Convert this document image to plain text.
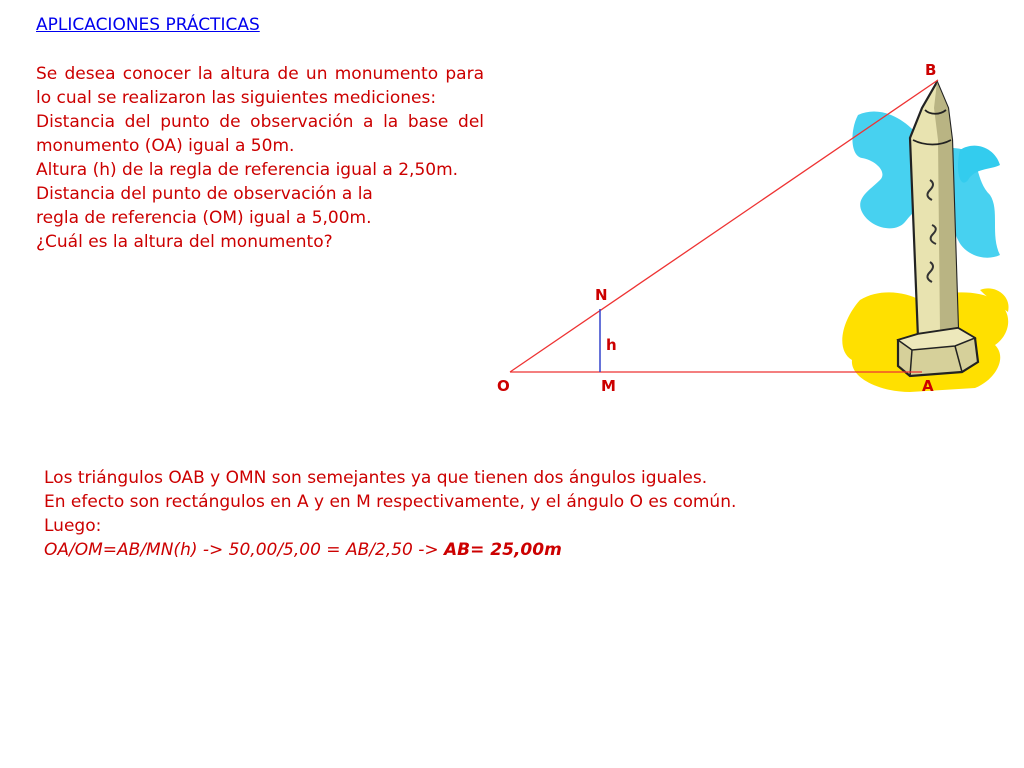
APLICACIONES PRÁCTICAS

Se desea conocer la altura de un monumento para lo cual se realizaron las siguientes mediciones:

Distancia del punto de observación a la base del monumento (OA) igual a 50m.

Altura (h) de la regla de referencia igual a 2,50m.

Distancia del punto de observación a la

regla de referencia (OM) igual a 5,00m.

¿Cuál es la altura del monumento?

B
N
h
O	M	A

Los triángulos OAB y OMN son semejantes ya que tienen dos ángulos iguales.

En efecto son rectángulos en A y en M respectivamente, y el ángulo O es común.

Luego:

OA/OM=AB/MN(h) -> 50,00/5,00 = AB/2,50 -> AB= 25,00m
